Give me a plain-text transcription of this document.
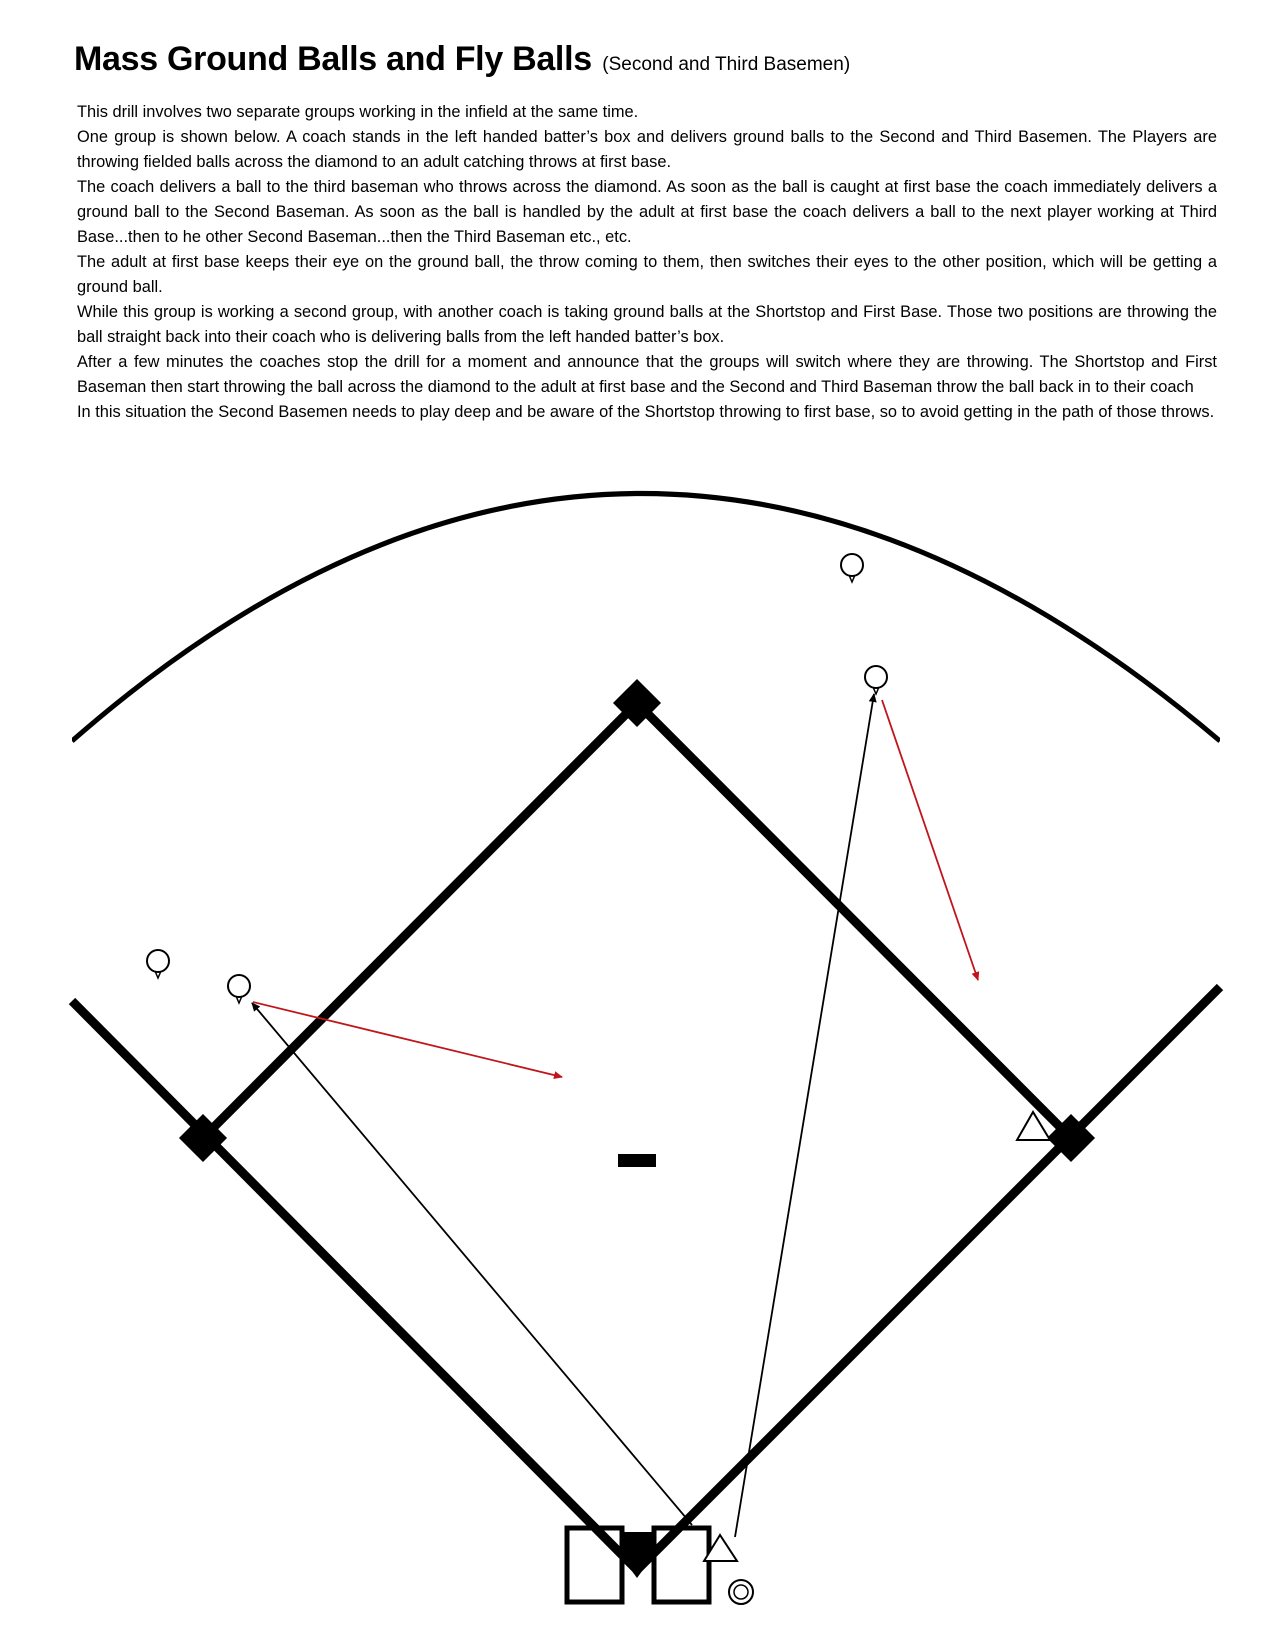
Mass Ground Balls and Fly Balls (Second and Third Basemen)

This drill involves two separate groups working in the infield at the same time.

One group is shown below. A coach stands in the left handed batter’s box and delivers ground balls to the Second and Third Basemen. The Players are throwing fielded balls across the diamond to an adult catching throws at first base.

The coach delivers a ball to the third baseman who throws across the diamond. As soon as the ball is caught at first base the coach immediately delivers a ground ball to the Second Baseman. As soon as the ball is handled by the adult at first base the coach delivers a ball to the next player working at Third Base...then to he other Second Baseman...then the Third Baseman etc., etc.

The adult at first base keeps their eye on the ground ball, the throw coming to them, then switches their eyes to the other position, which will be getting a ground ball.

While this group is working a second group, with another coach is taking ground balls at the Shortstop and First Base. Those two positions are throwing the ball straight back into their coach who is delivering balls from the left handed batter’s box.

After a few minutes the coaches stop the drill for a moment and announce that the groups will switch where they are throwing. The Shortstop and First Baseman then start throwing the ball across the diamond to the adult at first base and the Second and Third Baseman throw the ball back in to their coach

In this situation the Second Basemen needs to play deep and be aware of the Shortstop throwing to first base, so to avoid getting in the path of those throws.
